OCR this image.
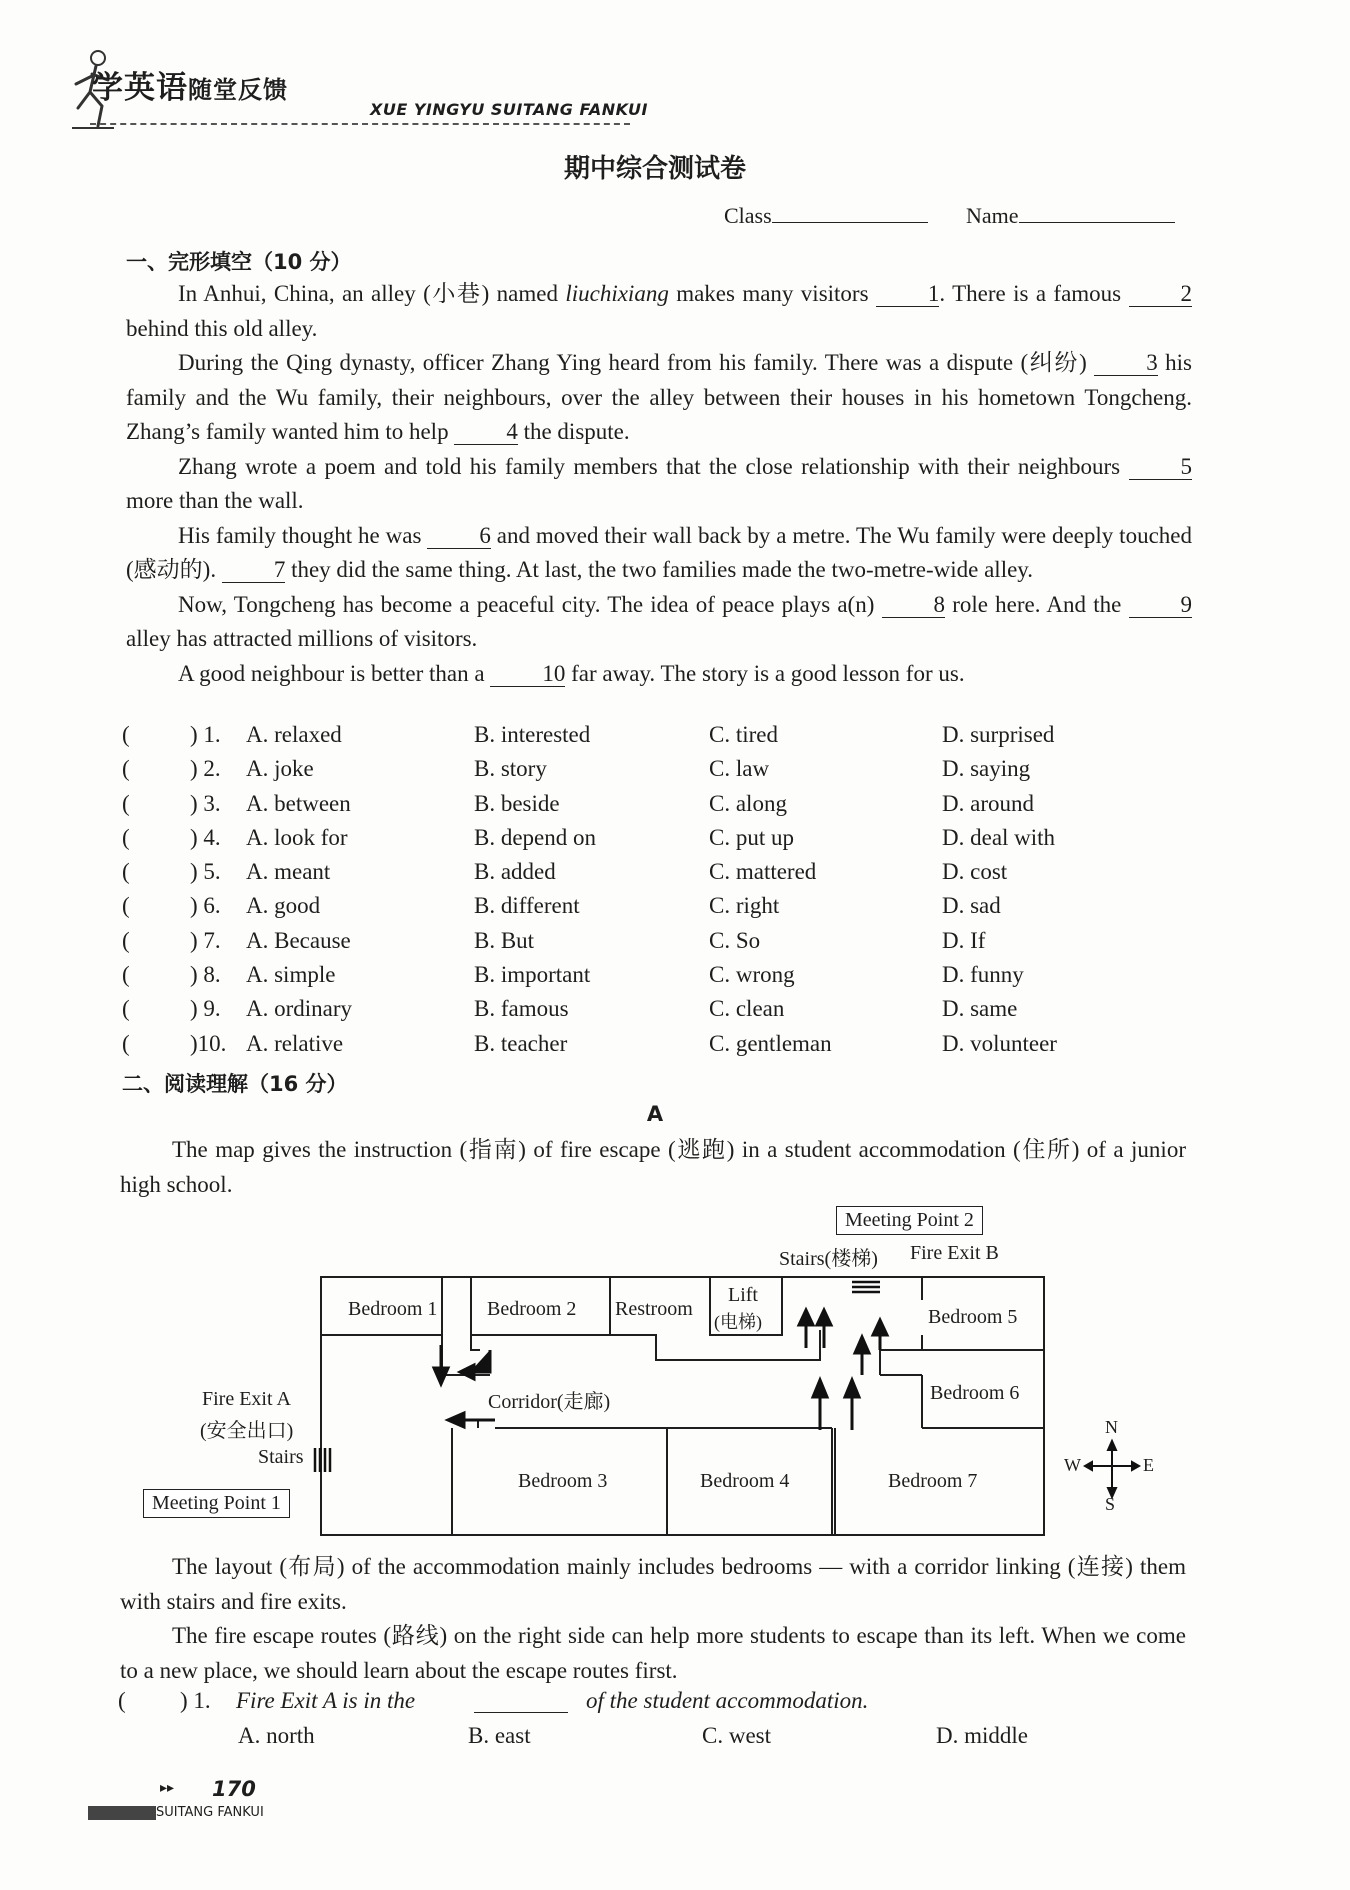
学英语随堂反馈
XUE YINGYU SUITANG FANKUI
期中综合测试卷
Class	Name
一、完形填空（10 分）

In Anhui, China, an alley (小巷) named liuchixiang makes many visitors 1. There is a famous 2 behind this old alley.

During the Qing dynasty, officer Zhang Ying heard from his family. There was a dispute (纠纷) 3 his family and the Wu family, their neighbours, over the alley between their houses in his hometown Tongcheng. Zhang’s family wanted him to help 4 the dispute.

Zhang wrote a poem and told his family members that the close relationship with their neighbours 5 more than the wall.

His family thought he was 6 and moved their wall back by a metre. The Wu family were deeply touched (感动的). 7 they did the same thing. At last, the two families made the two-metre-wide alley.

Now, Tongcheng has become a peaceful city. The idea of peace plays a(n) 8 role here. And the 9 alley has attracted millions of visitors.

A good neighbour is better than a 10 far away. The story is a good lesson for us.

(	) 1. A. relaxed	B. interested	C. tired	D. surprised
(	) 2. A. joke	B. story	C. law	D. saying
(	) 3. A. between	B. beside	C. along	D. around
(	) 4. A. look for	B. depend on	C. put up	D. deal with
(	) 5. A. meant	B. added	C. mattered	D. cost
(	) 6. A. good	B. different	C. right	D. sad
(	) 7. A. Because	B. But	C. So	D. If
(	) 8. A. simple	B. important	C. wrong	D. funny
(	) 9. A. ordinary	B. famous	C. clean	D. same
(	)10. A. relative	B. teacher	C. gentleman	D. volunteer
二、阅读理解（16 分）
A

The map gives the instruction (指南) of fire escape (逃跑) in a student accommodation (住所) of a junior high school.

Meeting Point 2
Stairs(楼梯) Fire Exit B
Bedroom 1 Bedroom 2 Restroom
Lift
(电梯)	Bedroom 5
Bedroom 6
Corridor(走廊)
Fire Exit A
(安全出口)
Stairs
Meeting Point 1
Bedroom 3	Bedroom 4	Bedroom 7
N
S
W	E

The layout (布局) of the accommodation mainly includes bedrooms — with a corridor linking (连接) them with stairs and fire exits.

The fire escape routes (路线) on the right side can help more students to escape than its left. When we come to a new place, we should learn about the escape routes first.

( ) 1. Fire Exit A is in the	of the student accommodation.
A. north	B. east	C. west	D. middle
▸▸ 170
SUITANG FANKUI
